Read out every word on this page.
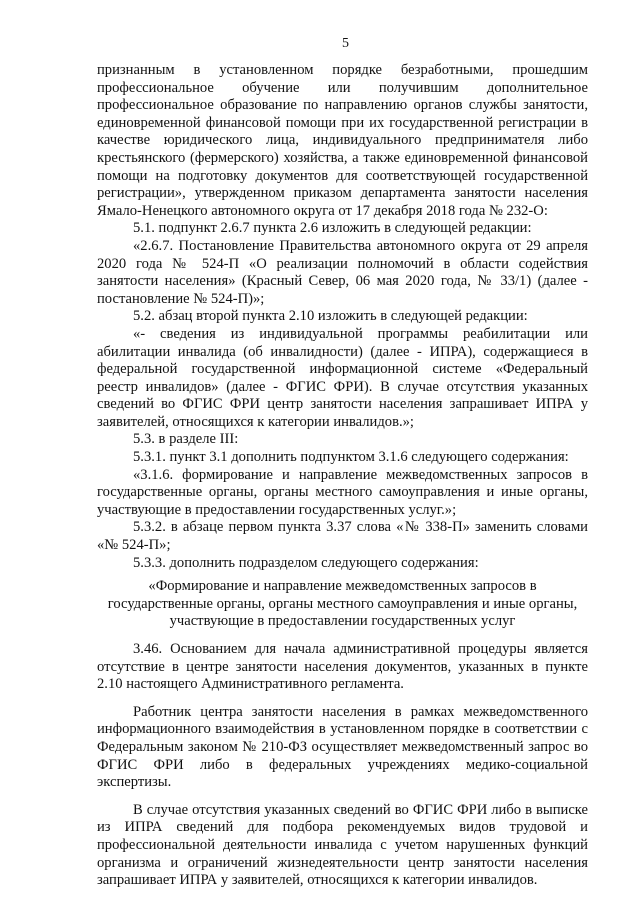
5

признанным в установленном порядке безработными, прошедшим профессиональное обучение или получившим дополнительное профессиональное образование по направлению органов службы занятости, единовременной финансовой помощи при их государственной регистрации в качестве юридического лица, индивидуального предпринимателя либо крестьянского (фермерского) хозяйства, а также единовременной финансовой помощи на подготовку документов для соответствующей государственной регистрации», утвержденном приказом департамента занятости населения Ямало-Ненецкого автономного округа от 17 декабря 2018 года № 232-О:

5.1. подпункт 2.6.7 пункта 2.6 изложить в следующей редакции:

«2.6.7. Постановление Правительства автономного округа от 29 апреля 2020 года № 524-П «О реализации полномочий в области содействия занятости населения» (Красный Север, 06 мая 2020 года, № 33/1) (далее - постановление № 524-П)»;

5.2. абзац второй пункта 2.10 изложить в следующей редакции:

«- сведения из индивидуальной программы реабилитации или абилитации инвалида (об инвалидности) (далее - ИПРА), содержащиеся в федеральной государственной информационной системе «Федеральный реестр инвалидов» (далее - ФГИС ФРИ). В случае отсутствия указанных сведений во ФГИС ФРИ центр занятости населения запрашивает ИПРА у заявителей, относящихся к категории инвалидов.»;

5.3. в разделе III:

5.3.1. пункт 3.1 дополнить подпунктом 3.1.6 следующего содержания:

«3.1.6. формирование и направление межведомственных запросов в государственные органы, органы местного самоуправления и иные органы, участвующие в предоставлении государственных услуг.»;

5.3.2. в абзаце первом пункта 3.37 слова «№ 338-П» заменить словами «№ 524-П»;

5.3.3. дополнить подразделом следующего содержания:

«Формирование и направление межведомственных запросов в государственные органы, органы местного самоуправления и иные органы, участвующие в предоставлении государственных услуг

3.46. Основанием для начала административной процедуры является отсутствие в центре занятости населения документов, указанных в пункте 2.10 настоящего Административного регламента.

Работник центра занятости населения в рамках межведомственного информационного взаимодействия в установленном порядке в соответствии с Федеральным законом № 210-ФЗ осуществляет межведомственный запрос во ФГИС ФРИ либо в федеральных учреждениях медико-социальной экспертизы.

В случае отсутствия указанных сведений во ФГИС ФРИ либо в выписке из ИПРА сведений для подбора рекомендуемых видов трудовой и профессиональной деятельности инвалида с учетом нарушенных функций организма и ограничений жизнедеятельности центр занятости населения запрашивает ИПРА у заявителей, относящихся к категории инвалидов.
